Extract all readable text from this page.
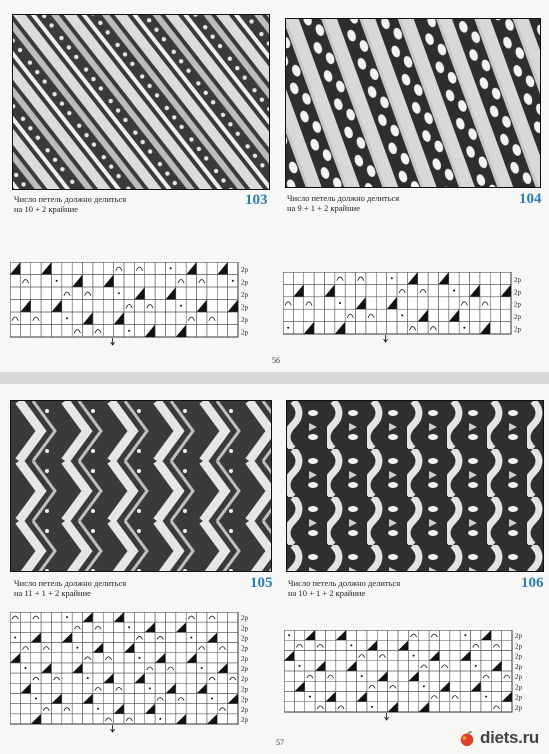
Число петель должно делиться
на 10 + 2 крайние
103
2р
2р
2р
2р
2р
2р
Число петель должно делиться
на 9 + 1 + 2 крайние
104
2р
2р
2р
2р
2р
56
Число петель должно делиться
на 11 + 1 + 2 крайние
105
2р
2р
2р
2р
2р
2р
2р
2р
2р
2р
2р
Число петель должно делиться
на 10 + 1 + 2 крайние
106
2р
2р
2р
2р
2р
2р
2р
2р
57	diets.ru
